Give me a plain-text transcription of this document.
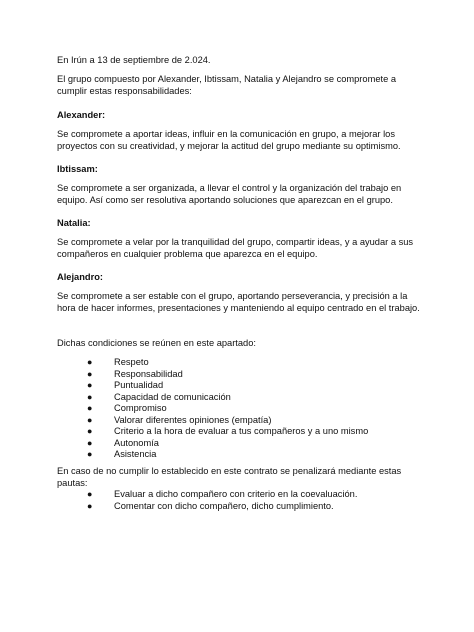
En Irún a 13 de septiembre de 2.024.

El grupo compuesto por Alexander, Ibtissam, Natalia y Alejandro se compromete a cumplir estas responsabilidades:

Alexander:

Se compromete a aportar ideas, influir en la comunicación en grupo, a mejorar los proyectos con su creatividad, y mejorar la actitud del grupo mediante su optimismo.

Ibtissam:

Se compromete a ser organizada, a llevar el control y la organización del trabajo en equipo. Así como ser resolutiva aportando soluciones que aparezcan en el grupo.

Natalia:

Se compromete a velar por la tranquilidad del grupo, compartir ideas, y a ayudar a sus compañeros en cualquier problema que aparezca en el equipo.

Alejandro:

Se compromete a ser estable con el grupo, aportando perseverancia, y precisión a la hora de hacer informes, presentaciones y manteniendo al equipo centrado en el trabajo.

Dichas condiciones se reúnen en este apartado:

● Respeto
● Responsabilidad
● Puntualidad
● Capacidad de comunicación
● Compromiso
● Valorar diferentes opiniones (empatía)
● Criterio a la hora de evaluar a tus compañeros y a uno mismo
● Autonomía
● Asistencia

En caso de no cumplir lo establecido en este contrato se penalizará mediante estas pautas:

● Evaluar a dicho compañero con criterio en la coevaluación.
● Comentar con dicho compañero, dicho cumplimiento.
